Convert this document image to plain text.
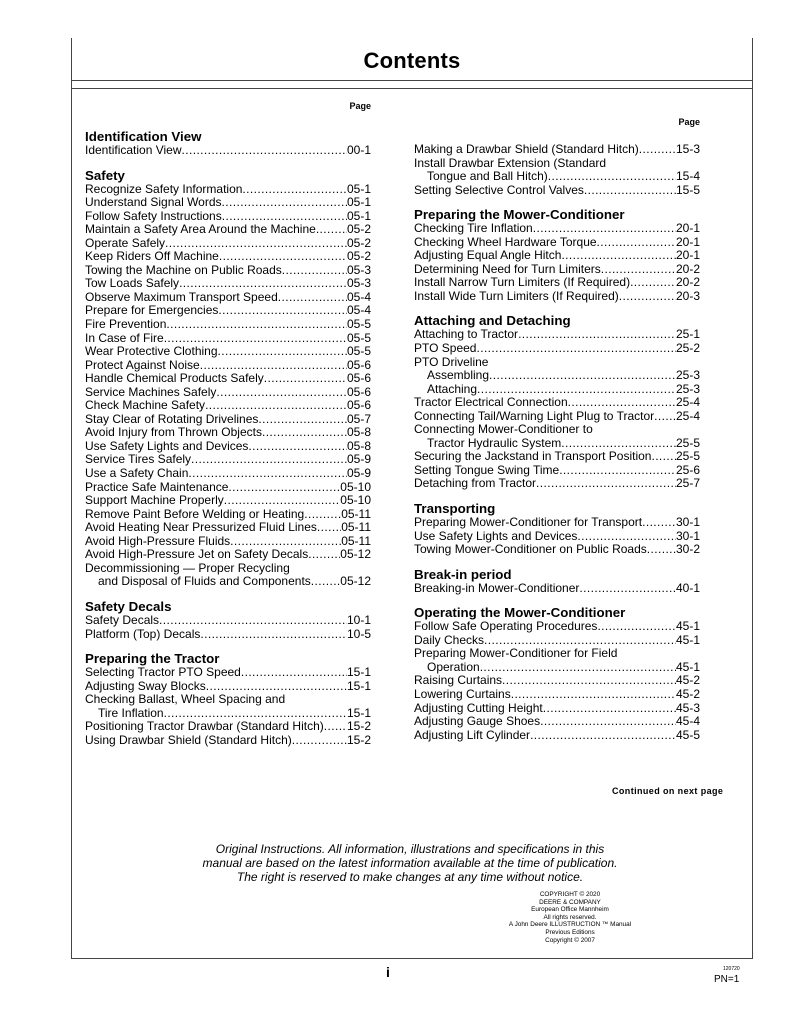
Contents
Page
Identification View
Identification View .....	00-1
Safety
Recognize Safety Information .....	05-1
Understand Signal Words .....	05-1
Follow Safety Instructions .....	05-1
Maintain a Safety Area Around the Machine .....	05-2
Operate Safely .....	05-2
Keep Riders Off Machine .....	05-2
Towing the Machine on Public Roads .....	05-3
Tow Loads Safely .....	05-3
Observe Maximum Transport Speed .....	05-4
Prepare for Emergencies .....	05-4
Fire Prevention .....	05-5
In Case of Fire .....	05-5
Wear Protective Clothing .....	05-5
Protect Against Noise .....	05-6
Handle Chemical Products Safely .....	05-6
Service Machines Safely .....	05-6
Check Machine Safety .....	05-6
Stay Clear of Rotating Drivelines .....	05-7
Avoid Injury from Thrown Objects .....	05-8
Use Safety Lights and Devices .....	05-8
Service Tires Safely .....	05-9
Use a Safety Chain .....	05-9
Practice Safe Maintenance .....	05-10
Support Machine Properly .....	05-10
Remove Paint Before Welding or Heating .....	05-11
Avoid Heating Near Pressurized Fluid Lines ..... 05-11
Avoid High-Pressure Fluids .....	05-11
Avoid High-Pressure Jet on Safety Decals .....	05-12
Decommissioning — Proper Recycling
and Disposal of Fluids and Components ..... 05-12
Safety Decals
Safety Decals .....	10-1
Platform (Top) Decals .....	10-5
Preparing the Tractor
Selecting Tractor PTO Speed .....	15-1
Adjusting Sway Blocks .....	15-1
Checking Ballast, Wheel Spacing and
Tire Inflation .....	15-1
Positioning Tractor Drawbar (Standard Hitch) ..... 15-2
Using Drawbar Shield (Standard Hitch) .....	15-2
Page
Making a Drawbar Shield (Standard Hitch) .....	15-3
Install Drawbar Extension (Standard
Tongue and Ball Hitch) .....	15-4
Setting Selective Control Valves .....	15-5
Preparing the Mower-Conditioner
Checking Tire Inflation .....	20-1
Checking Wheel Hardware Torque .....	20-1
Adjusting Equal Angle Hitch .....	20-1
Determining Need for Turn Limiters .....	20-2
Install Narrow Turn Limiters (If Required) .....	20-2
Install Wide Turn Limiters (If Required) .....	20-3
Attaching and Detaching
Attaching to Tractor .....	25-1
PTO Speed .....	25-2
PTO Driveline
Assembling .....	25-3
Attaching .....	25-3
Tractor Electrical Connection .....	25-4
Connecting Tail/Warning Light Plug to Tractor ..... 25-4
Connecting Mower-Conditioner to
Tractor Hydraulic System .....	25-5
Securing the Jackstand in Transport Position ..... 25-5
Setting Tongue Swing Time .....	25-6
Detaching from Tractor .....	25-7
Transporting
Preparing Mower-Conditioner for Transport .....	30-1
Use Safety Lights and Devices .....	30-1
Towing Mower-Conditioner on Public Roads ..... 30-2
Break-in period
Breaking-in Mower-Conditioner .....	40-1
Operating the Mower-Conditioner
Follow Safe Operating Procedures .....	45-1
Daily Checks .....	45-1
Preparing Mower-Conditioner for Field
Operation .....	45-1
Raising Curtains .....	45-2
Lowering Curtains .....	45-2
Adjusting Cutting Height .....	45-3
Adjusting Gauge Shoes .....	45-4
Adjusting Lift Cylinder .....	45-5
Continued on next page
Original Instructions. All information, illustrations and specifications in this
manual are based on the latest information available at the time of publication.
The right is reserved to make changes at any time without notice.
COPYRIGHT © 2020
DEERE & COMPANY
European Office Mannheim
All rights reserved.
A John Deere ILLUSTRUCTION ™ Manual
Previous Editions
Copyright © 2007
i	120720
PN=1
